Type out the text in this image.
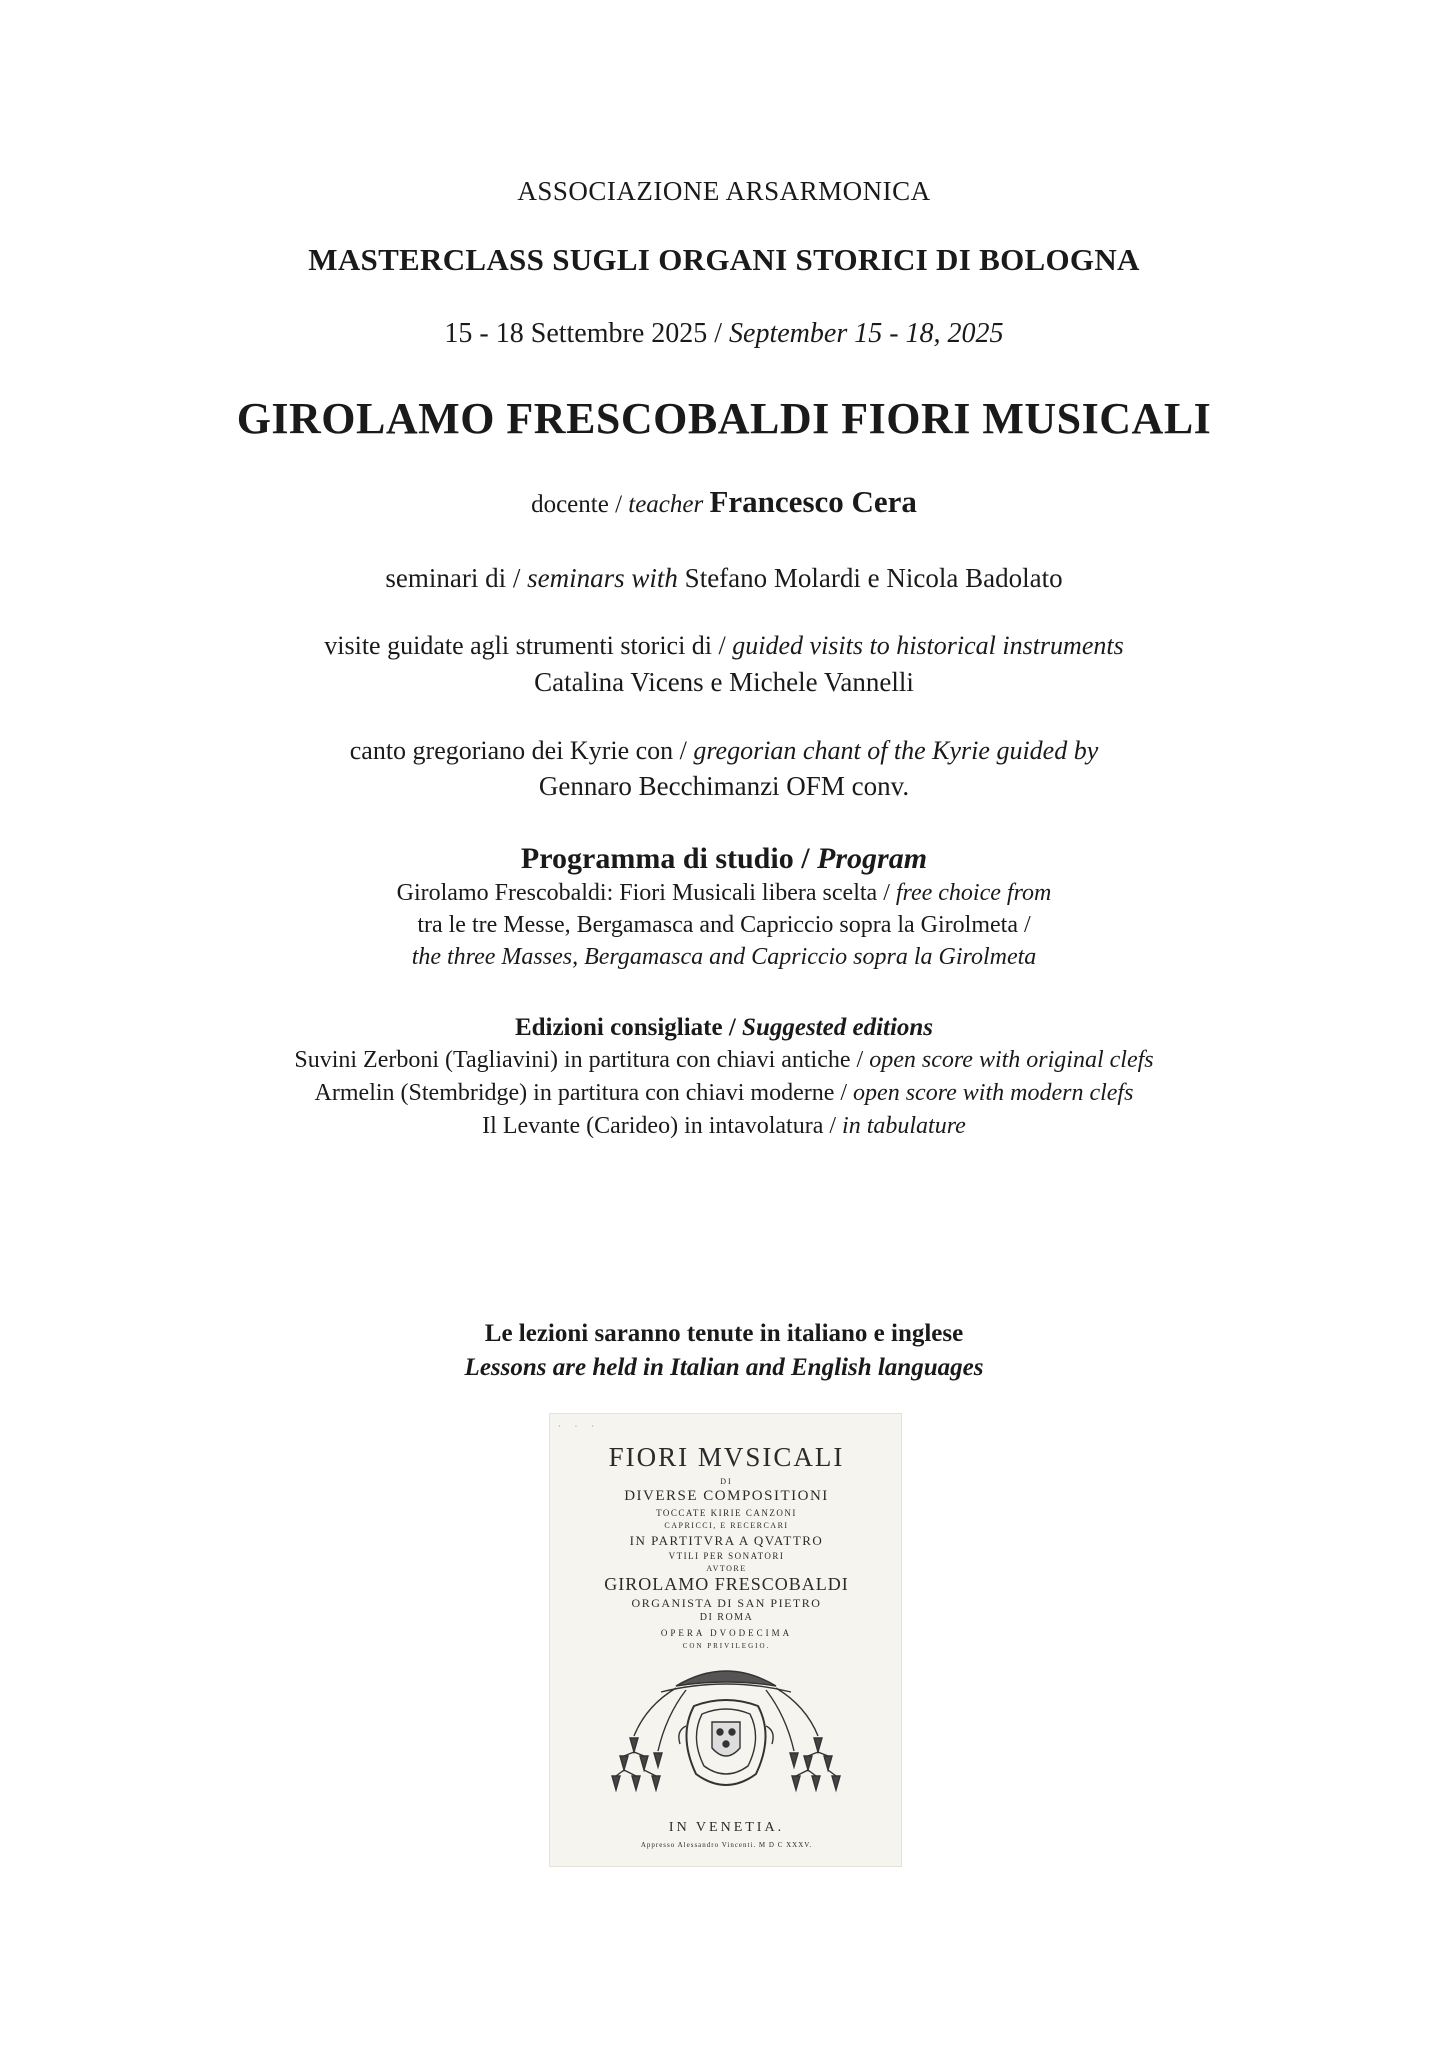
ASSOCIAZIONE ARSARMONICA
MASTERCLASS SUGLI ORGANI STORICI DI BOLOGNA
15 - 18 Settembre 2025 / September 15 - 18, 2025
GIROLAMO FRESCOBALDI FIORI MUSICALI
docente / teacher Francesco Cera
seminari di / seminars with Stefano Molardi e Nicola Badolato
visite guidate agli strumenti storici di / guided visits to historical instruments
Catalina Vicens e Michele Vannelli
canto gregoriano dei Kyrie con / gregorian chant of the Kyrie guided by
Gennaro Becchimanzi OFM conv.
Programma di studio / Program
Girolamo Frescobaldi: Fiori Musicali libera scelta / free choice from
tra le tre Messe, Bergamasca and Capriccio sopra la Girolmeta /
the three Masses, Bergamasca and Capriccio sopra la Girolmeta
Edizioni consigliate / Suggested editions
Suvini Zerboni (Tagliavini) in partitura con chiavi antiche / open score with original clefs
Armelin (Stembridge) in partitura con chiavi moderne / open score with modern clefs
Il Levante (Carideo) in intavolatura / in tabulature
Le lezioni saranno tenute in italiano e inglese
Lessons are held in Italian and English languages
· · ·
FIORI MVSICALI
DI
DIVERSE COMPOSITIONI
TOCCATE KIRIE CANZONI
CAPRICCI, E RECERCARI
IN PARTITVRA A QVATTRO
VTILI PER SONATORI
AVTORE
GIROLAMO FRESCOBALDI
ORGANISTA DI SAN PIETRO
DI ROMA
OPERA DVODECIMA
CON PRIVILEGIO.
IN VENETIA.
Appresso Alessandro Vincenti. M D C XXXV.
